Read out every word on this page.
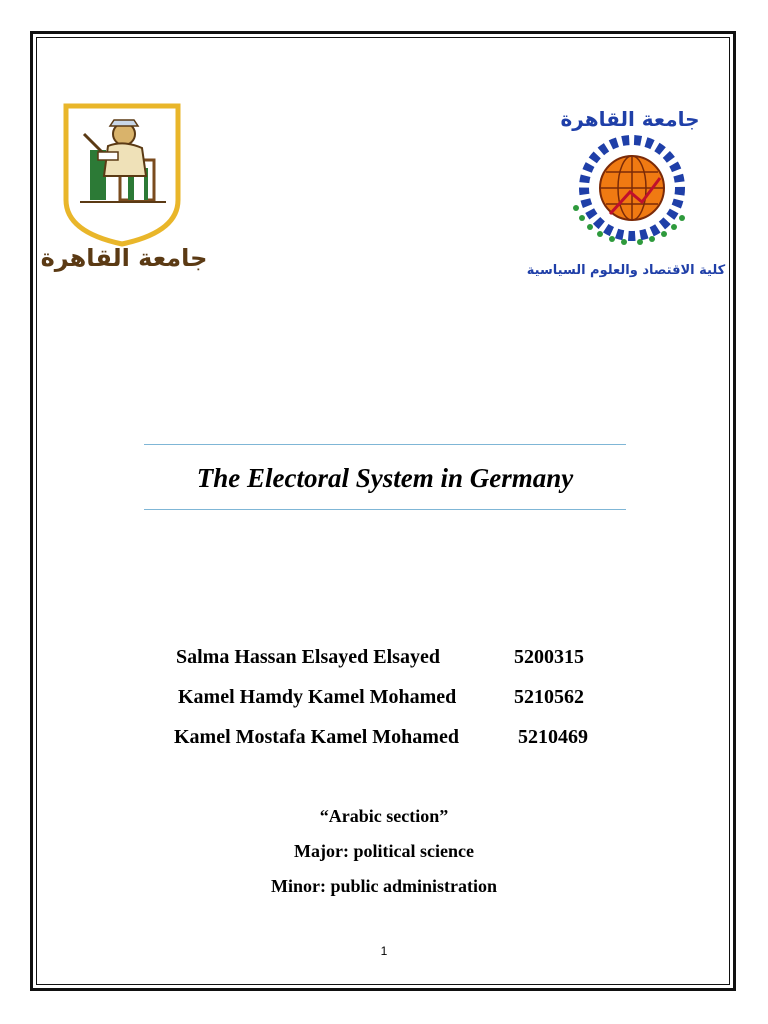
جامعة القاهرة
جامعة القاهرة
كلية الاقتصاد والعلوم السياسية
The Electoral System in Germany
Salma Hassan Elsayed Elsayed	5200315
Kamel Hamdy Kamel Mohamed	5210562
Kamel Mostafa Kamel Mohamed	5210469
“Arabic section”
Major: political science
Minor: public administration
1
